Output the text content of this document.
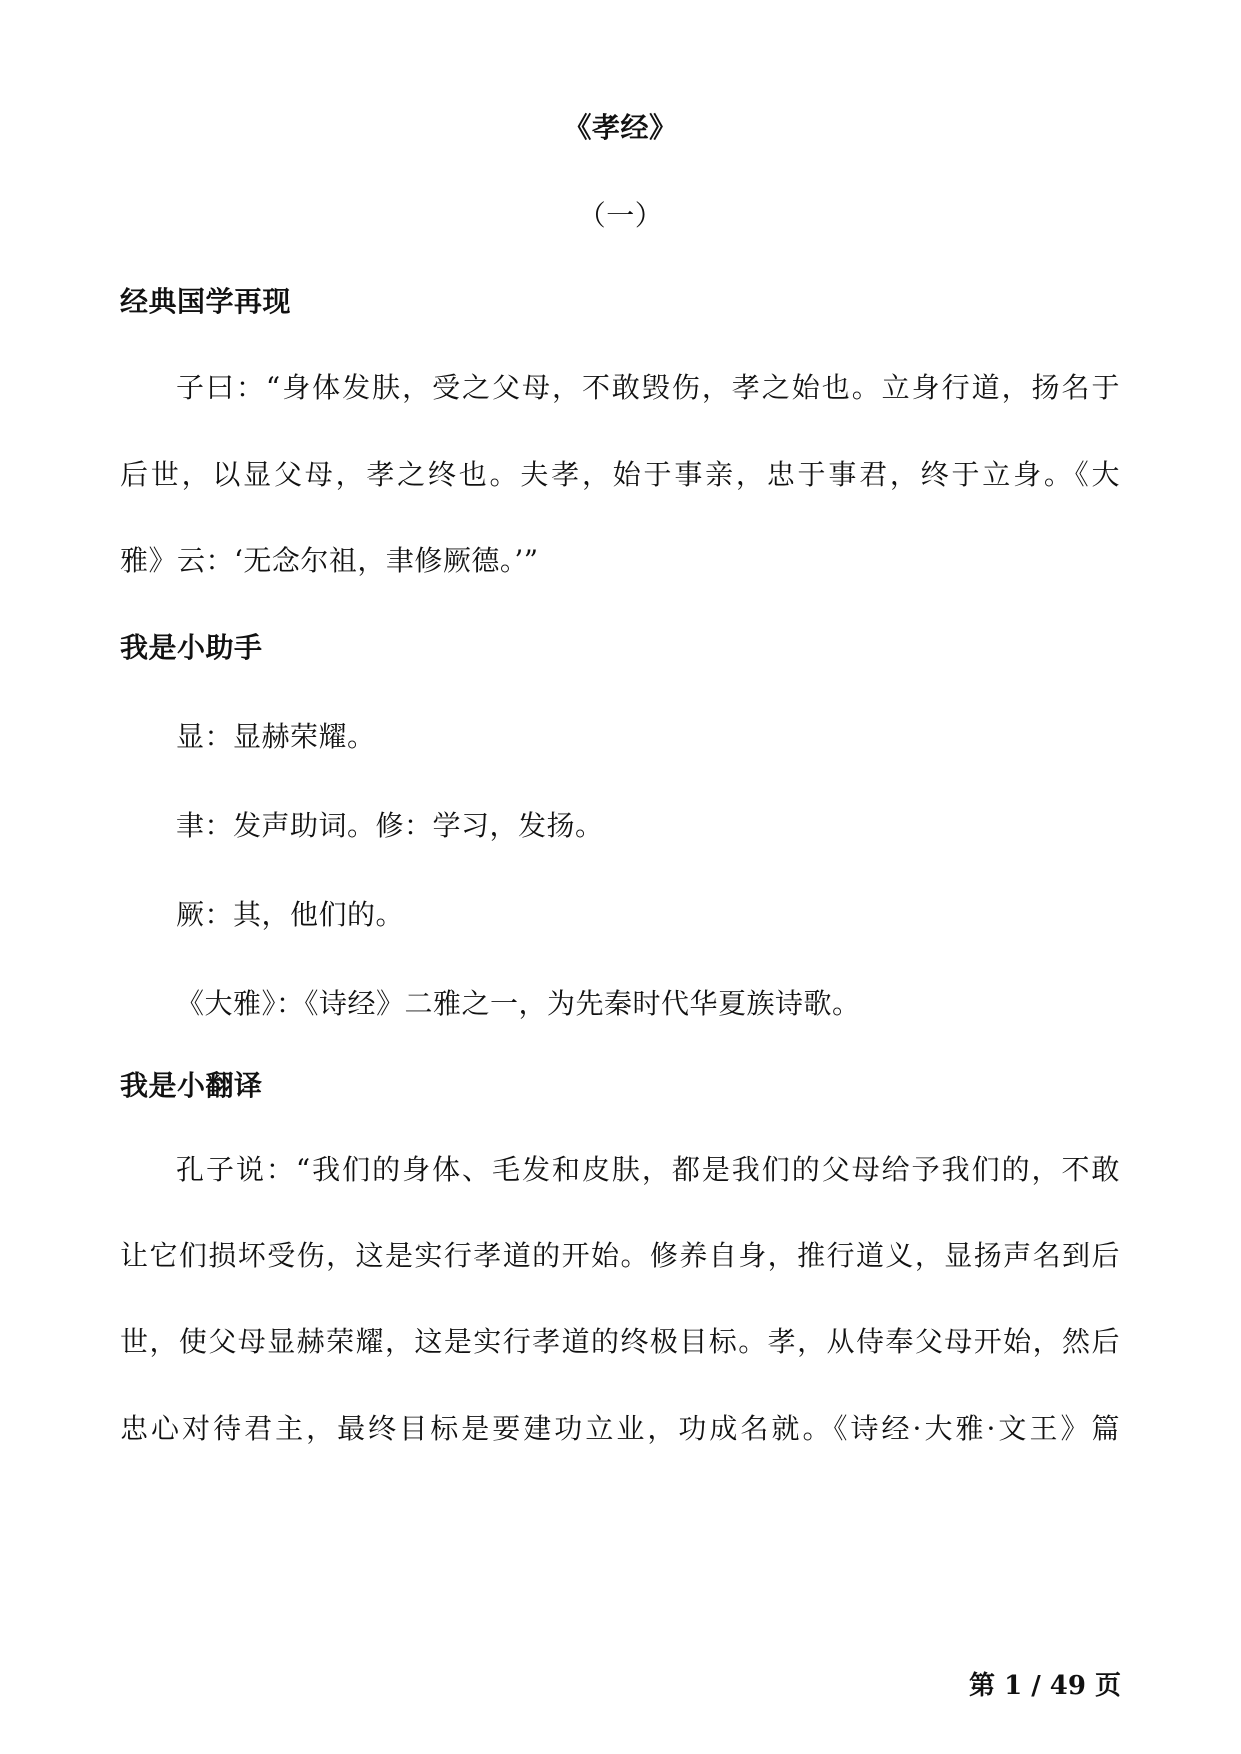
《孝经》
（一）
经典国学再现
子曰：“身体发肤，受之父母，不敢毁伤，孝之始也。立身行道，扬名于
后世，以显父母，孝之终也。夫孝，始于事亲，忠于事君，终于立身。《大
雅》云：‘无念尔祖，聿修厥德。’”
我是小助手
显：显赫荣耀。
聿：发声助词。修：学习，发扬。
厥：其，他们的。
《大雅》：《诗经》二雅之一，为先秦时代华夏族诗歌。
我是小翻译
孔子说：“我们的身体、毛发和皮肤，都是我们的父母给予我们的，不敢
让它们损坏受伤，这是实行孝道的开始。修养自身，推行道义，显扬声名到后
世，使父母显赫荣耀，这是实行孝道的终极目标。孝，从侍奉父母开始，然后
忠心对待君主，最终目标是要建功立业，功成名就。《诗经·大雅·文王》篇
第 1 / 49 页
